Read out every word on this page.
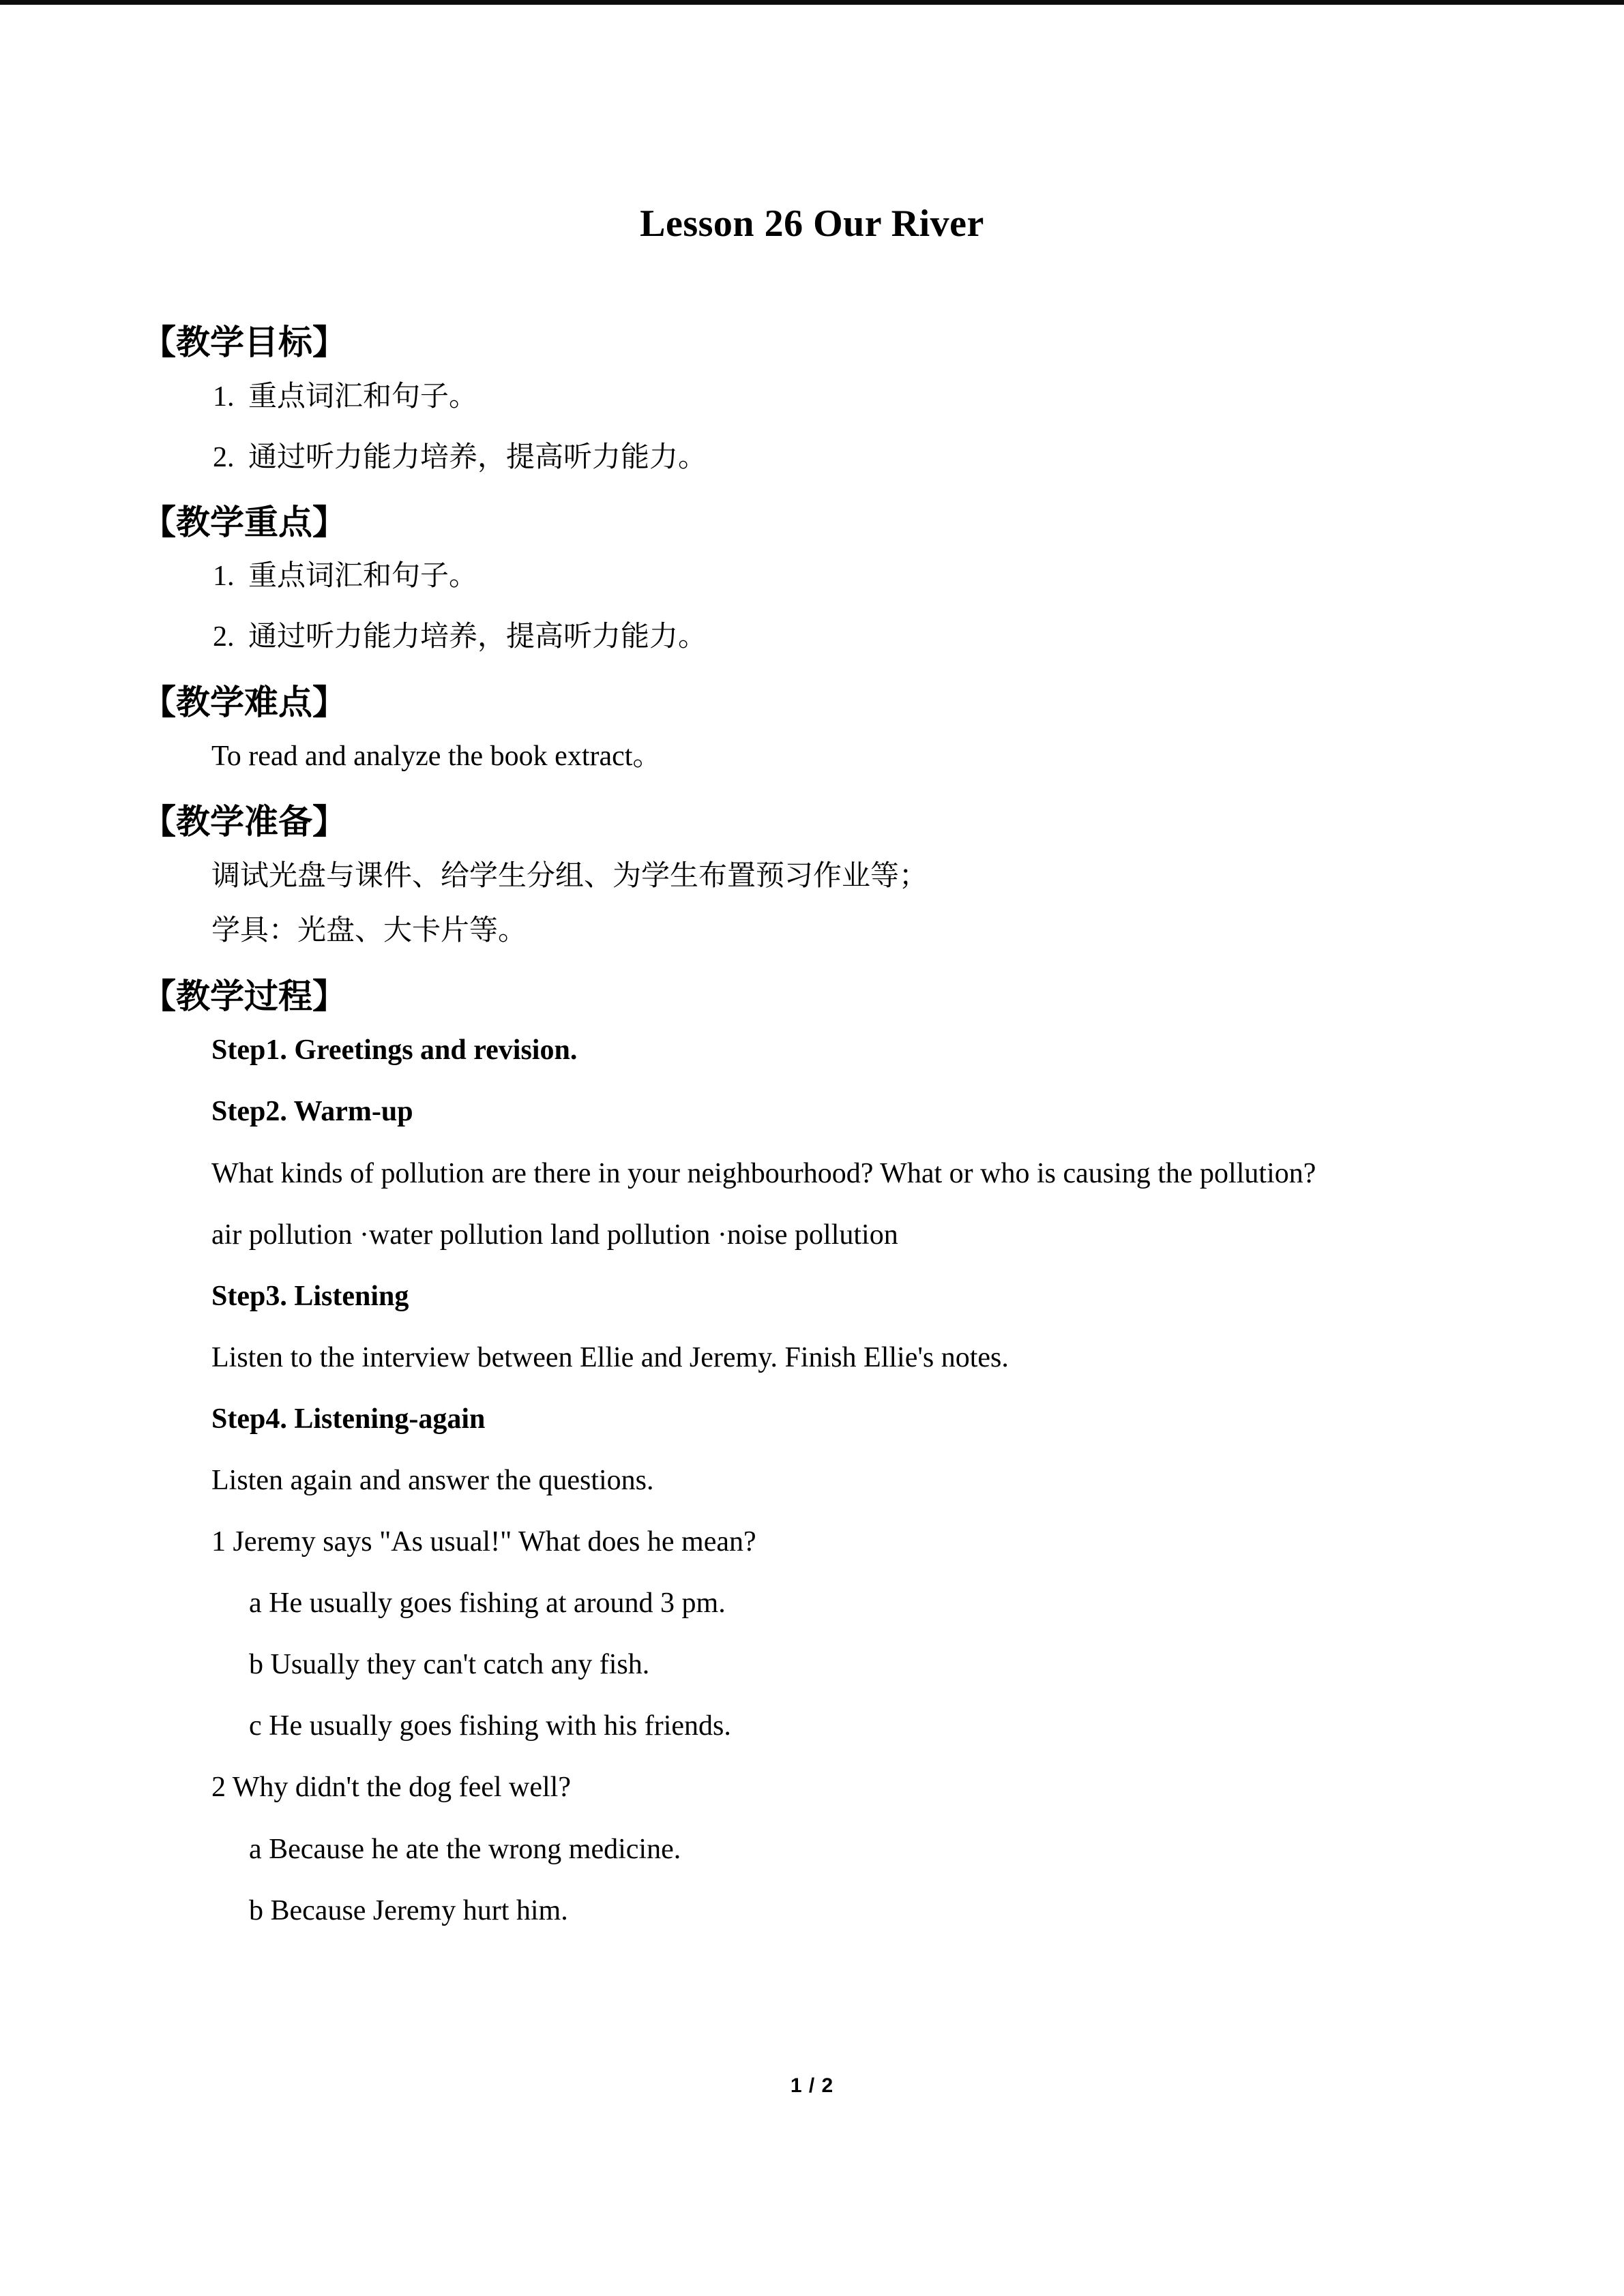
Lesson 26 Our River
【教学目标】
1. 重点词汇和句子。
2. 通过听力能力培养，提高听力能力。
【教学重点】
1. 重点词汇和句子。
2. 通过听力能力培养，提高听力能力。
【教学难点】
To read and analyze the book extract。
【教学准备】
调试光盘与课件、给学生分组、为学生布置预习作业等；
学具：光盘、大卡片等。
【教学过程】
Step1. Greetings and revision.
Step2. Warm-up
What kinds of pollution are there in your neighbourhood? What or who is causing the pollution?
air pollution ·water pollution land pollution ·noise pollution
Step3. Listening
Listen to the interview between Ellie and Jeremy. Finish Ellie's notes.
Step4. Listening-again
Listen again and answer the questions.
1 Jeremy says "As usual!" What does he mean?
a He usually goes fishing at around 3 pm.
b Usually they can't catch any fish.
c He usually goes fishing with his friends.
2 Why didn't the dog feel well?
a Because he ate the wrong medicine.
b Because Jeremy hurt him.
1 / 2
